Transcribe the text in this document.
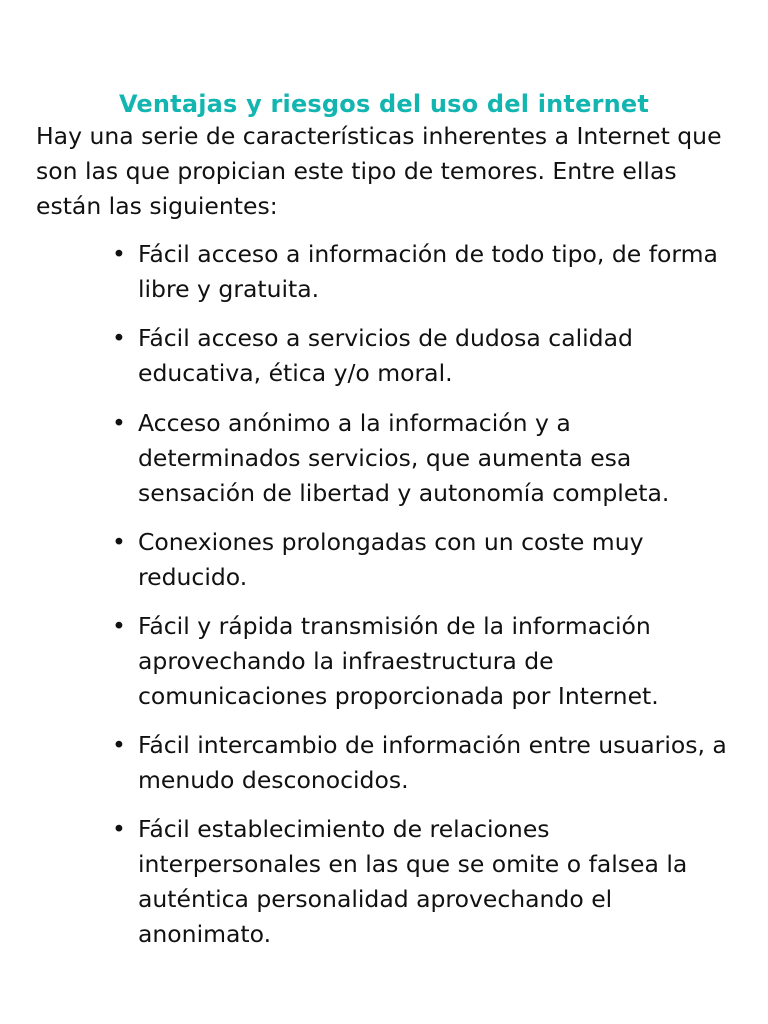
Ventajas y riesgos del uso del internet

Hay una serie de características inherentes a Internet que son las que propician este tipo de temores. Entre ellas están las siguientes:

• Fácil acceso a información de todo tipo, de forma libre y gratuita.
• Fácil acceso a servicios de dudosa calidad educativa, ética y/o moral.
• Acceso anónimo a la información y a determinados servicios, que aumenta esa sensación de libertad y autonomía completa.
• Conexiones prolongadas con un coste muy reducido.
• Fácil y rápida transmisión de la información aprovechando la infraestructura de comunicaciones proporcionada por Internet.
• Fácil intercambio de información entre usuarios, a menudo desconocidos.
• Fácil establecimiento de relaciones interpersonales en las que se omite o falsea la auténtica personalidad aprovechando el anonimato.
